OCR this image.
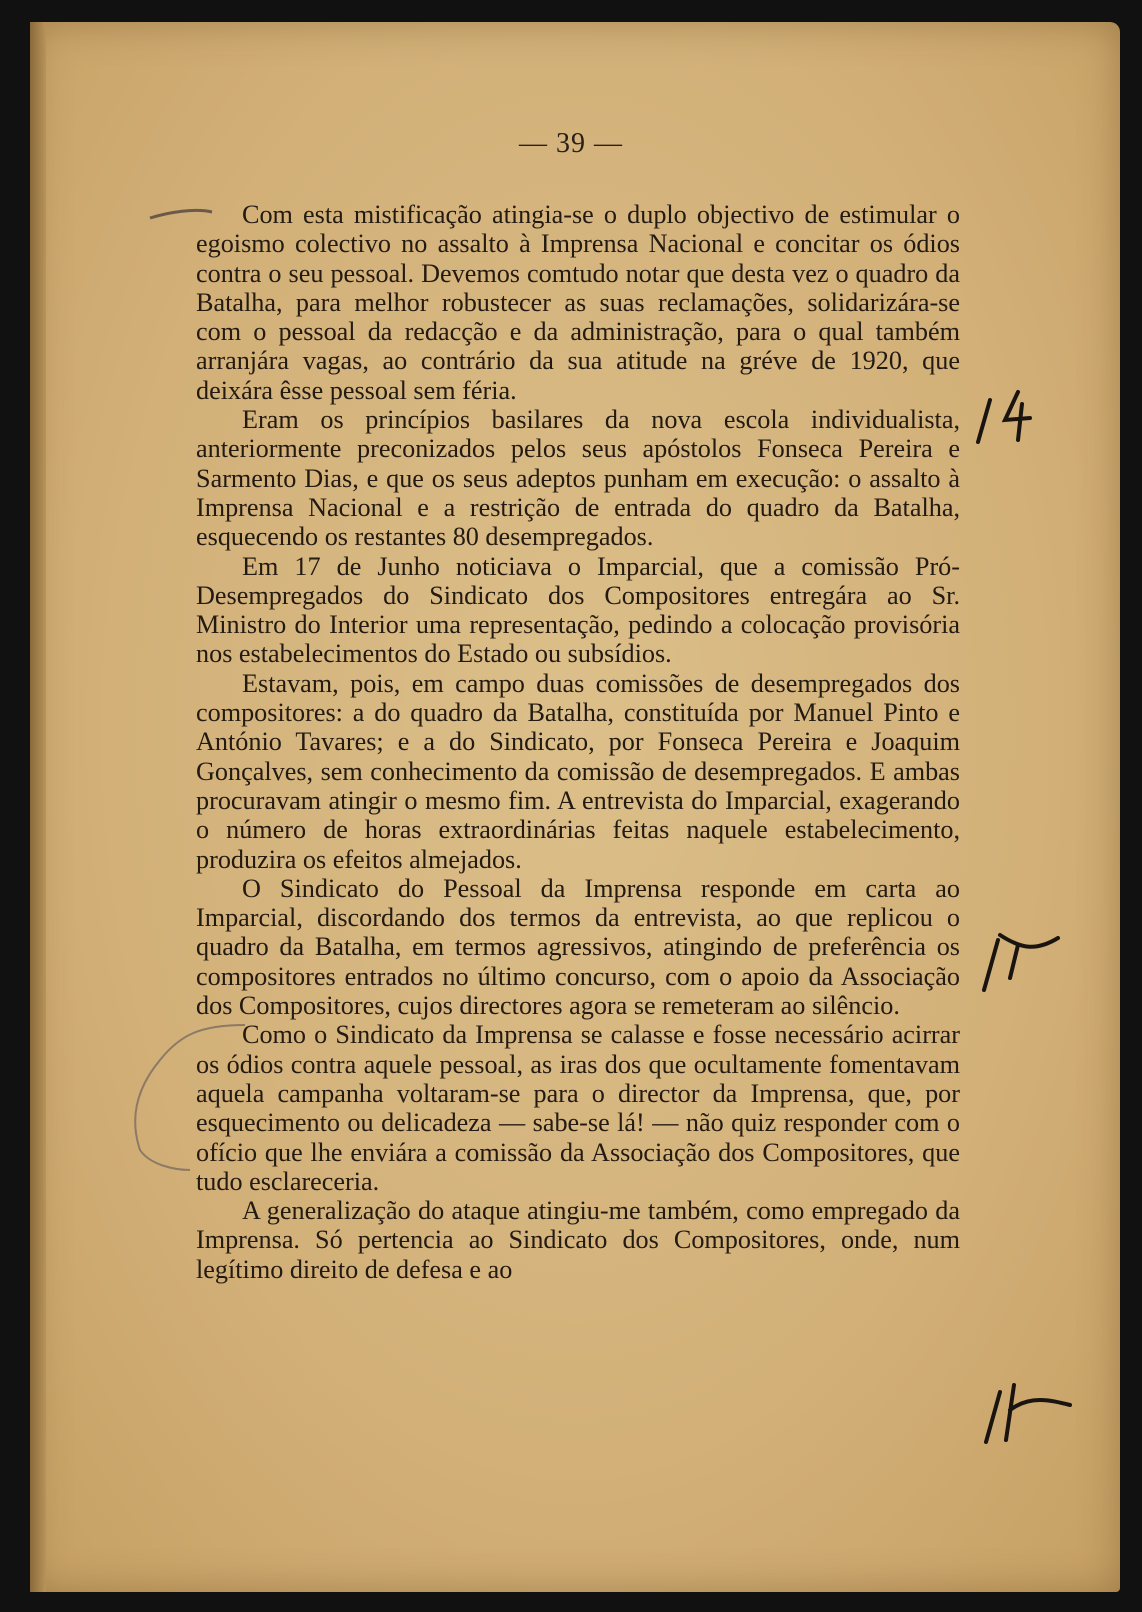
— 39 —

Com esta mistificação atingia-se o duplo objectivo de estimular o egoismo colectivo no assalto à Imprensa Nacional e concitar os ódios contra o seu pessoal. Devemos comtudo notar que desta vez o quadro da Batalha, para melhor robustecer as suas reclamações, solidarizára-se com o pessoal da redacção e da administração, para o qual também arranjára vagas, ao contrário da sua atitude na gréve de 1920, que deixára êsse pessoal sem féria.

Eram os princípios basilares da nova escola individualista, anteriormente preconizados pelos seus apóstolos Fonseca Pereira e Sarmento Dias, e que os seus adeptos punham em execução: o assalto à Imprensa Nacional e a restrição de entrada do quadro da Batalha, esquecendo os restantes 80 desempregados.

Em 17 de Junho noticiava o Imparcial, que a comissão Pró-Desempregados do Sindicato dos Compositores entregára ao Sr. Ministro do Interior uma representação, pedindo a colocação provisória nos estabelecimentos do Estado ou subsídios.

Estavam, pois, em campo duas comissões de desempregados dos compositores: a do quadro da Batalha, constituída por Manuel Pinto e António Tavares; e a do Sindicato, por Fonseca Pereira e Joaquim Gonçalves, sem conhecimento da comissão de desempregados. E ambas procuravam atingir o mesmo fim. A entrevista do Imparcial, exagerando o número de horas extraordinárias feitas naquele estabelecimento, produzira os efeitos almejados.

O Sindicato do Pessoal da Imprensa responde em carta ao Imparcial, discordando dos termos da entrevista, ao que replicou o quadro da Batalha, em termos agressivos, atingindo de preferência os compositores entrados no último concurso, com o apoio da Associação dos Compositores, cujos directores agora se remeteram ao silêncio.

Como o Sindicato da Imprensa se calasse e fosse necessário acirrar os ódios contra aquele pessoal, as iras dos que ocultamente fomentavam aquela campanha voltaram-se para o director da Imprensa, que, por esquecimento ou delicadeza — sabe-se lá! — não quiz responder com o ofício que lhe enviára a comissão da Associação dos Compositores, que tudo esclareceria.

A generalização do ataque atingiu-me também, como empregado da Imprensa. Só pertencia ao Sindicato dos Compositores, onde, num legítimo direito de defesa e ao
